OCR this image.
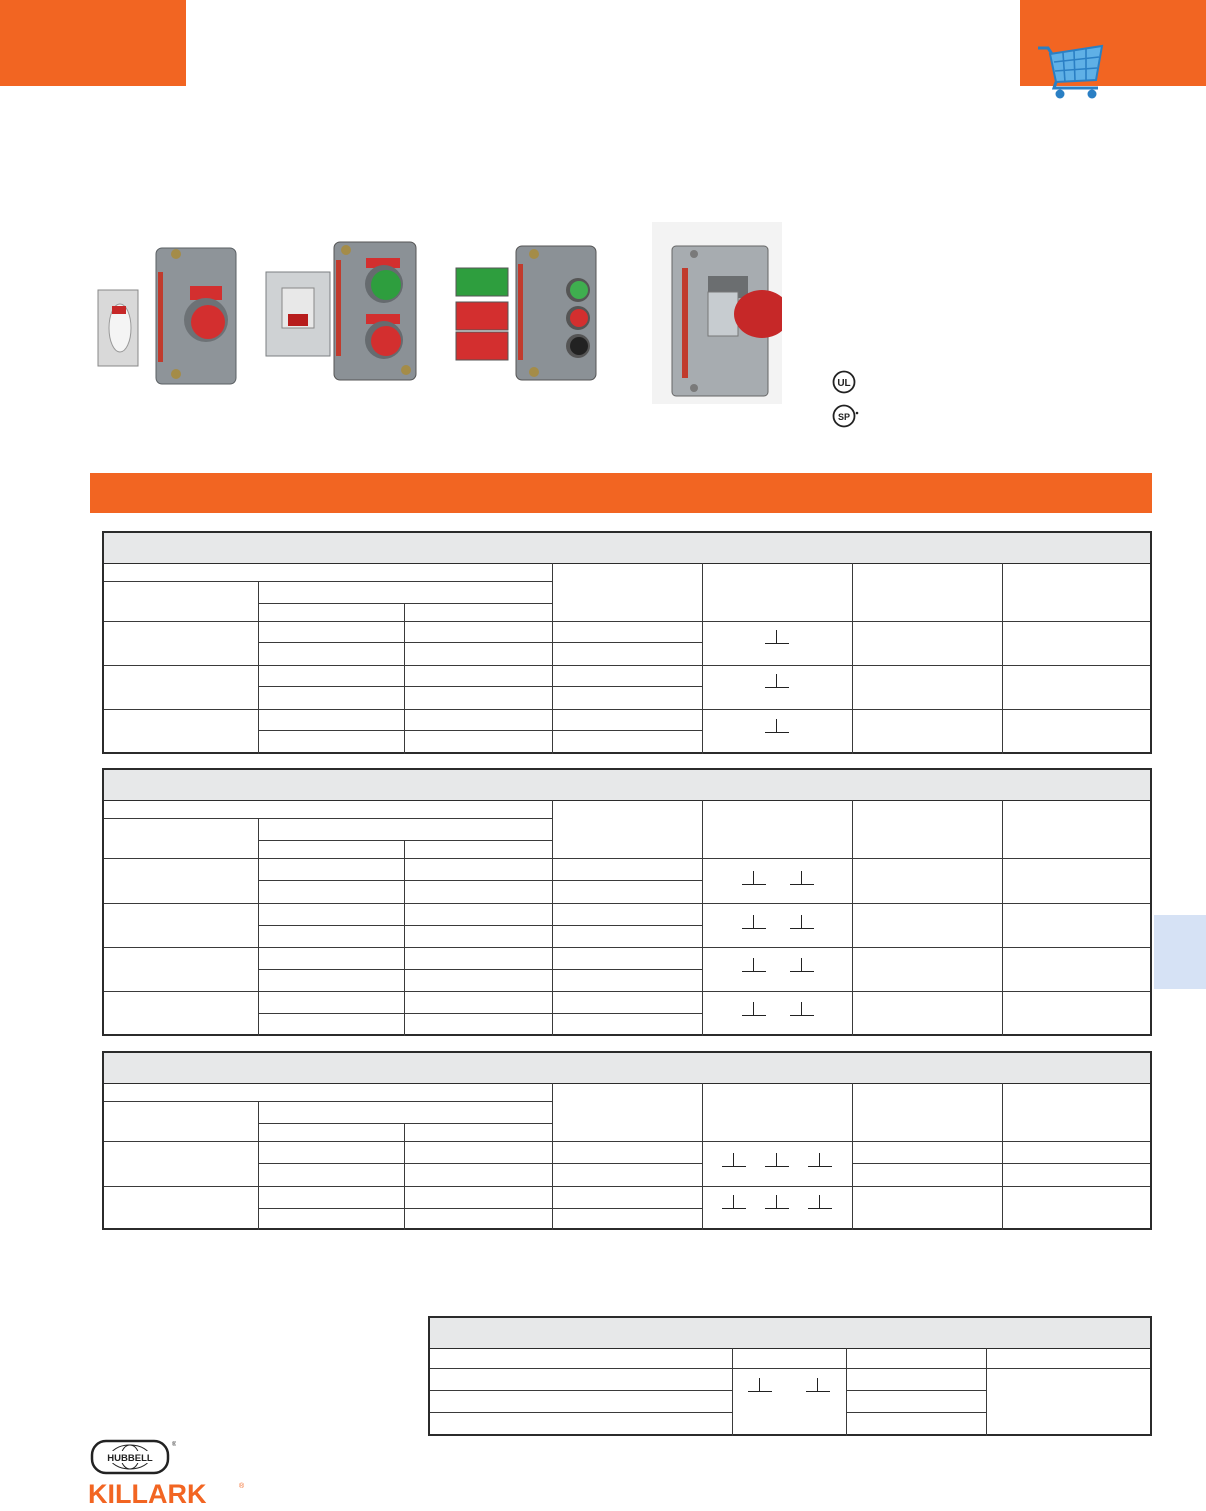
UL
SP
HUBBELL
®
KILLARK	®
